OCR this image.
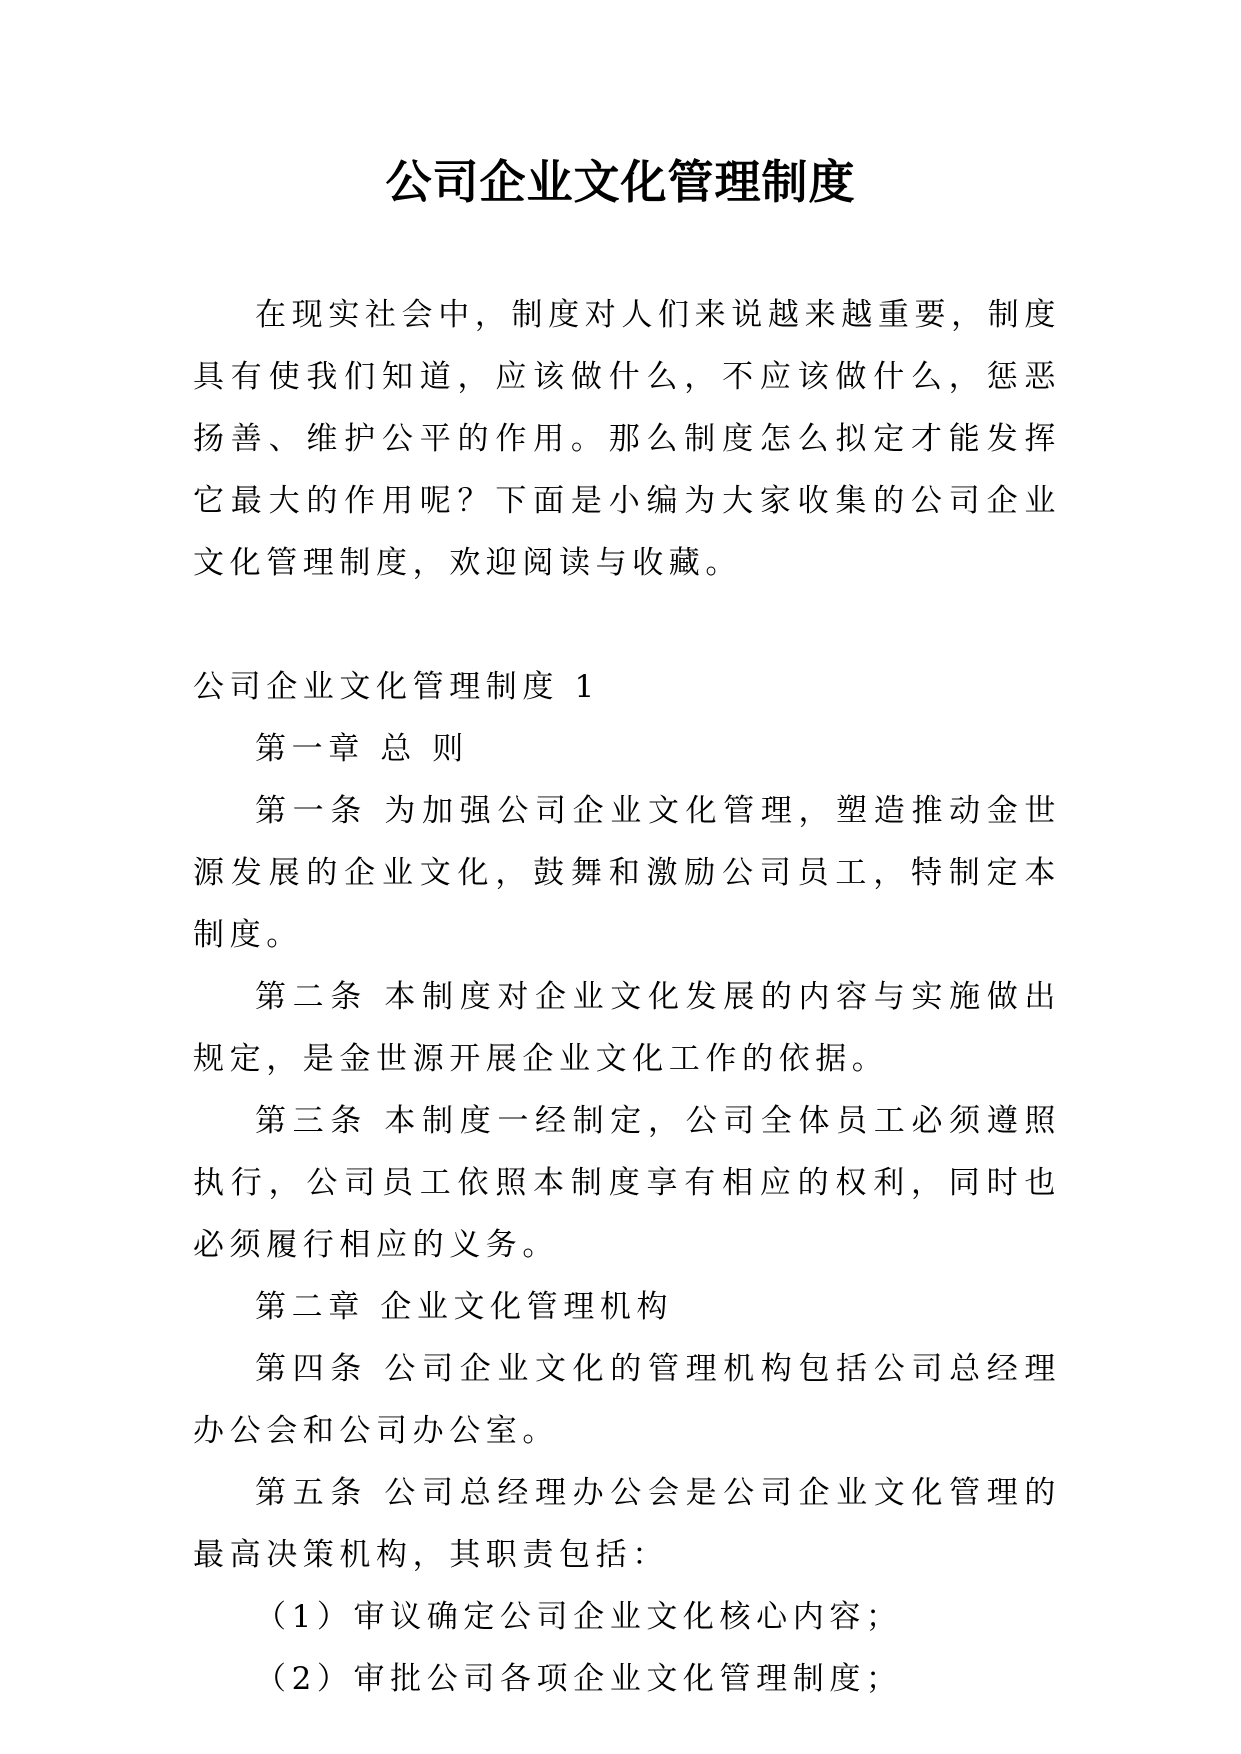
公司企业文化管理制度

在现实社会中，制度对人们来说越来越重要，制度具有使我们知道，应该做什么，不应该做什么，惩恶扬善、维护公平的作用。那么制度怎么拟定才能发挥它最大的作用呢？下面是小编为大家收集的公司企业文化管理制度，欢迎阅读与收藏。

公司企业文化管理制度 1

第一章 总 则

第一条 为加强公司企业文化管理，塑造推动金世源发展的企业文化，鼓舞和激励公司员工，特制定本制度。

第二条 本制度对企业文化发展的内容与实施做出规定，是金世源开展企业文化工作的依据。

第三条 本制度一经制定，公司全体员工必须遵照执行，公司员工依照本制度享有相应的权利，同时也必须履行相应的义务。

第二章 企业文化管理机构

第四条 公司企业文化的管理机构包括公司总经理办公会和公司办公室。

第五条 公司总经理办公会是公司企业文化管理的最高决策机构，其职责包括：

（1）审议确定公司企业文化核心内容；

（2）审批公司各项企业文化管理制度；
